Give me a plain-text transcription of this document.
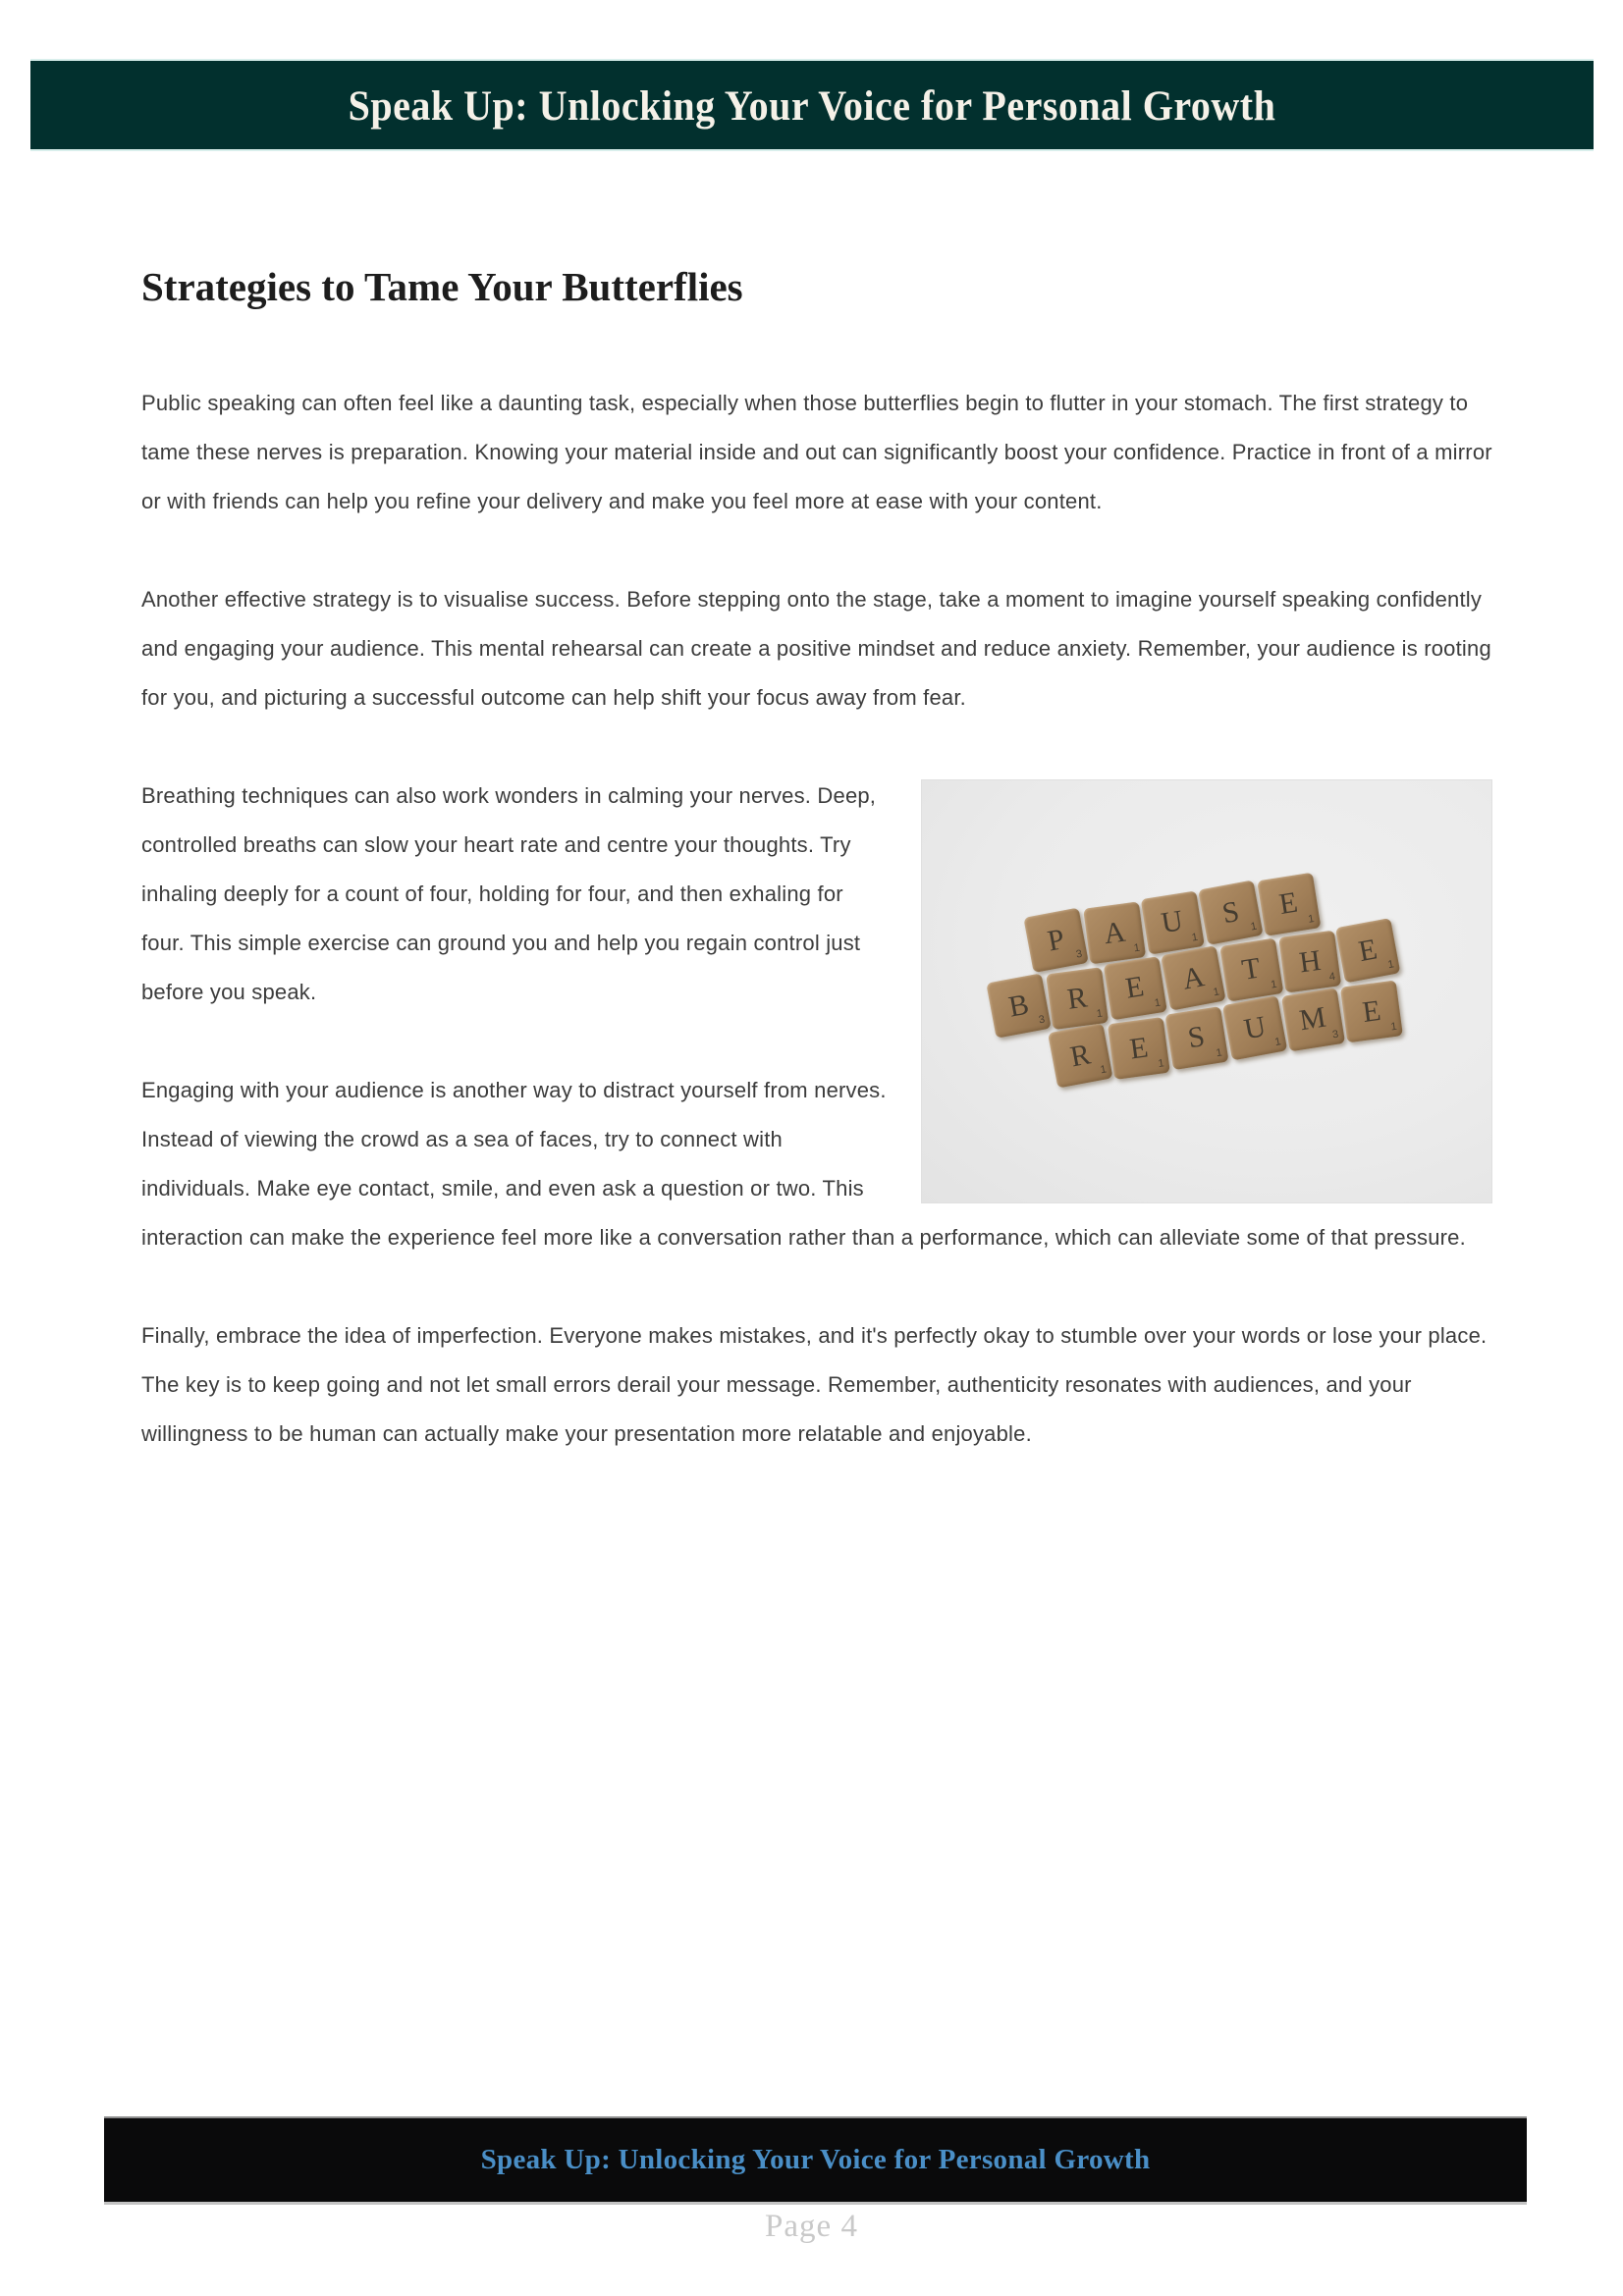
Speak Up: Unlocking Your Voice for Personal Growth
Strategies to Tame Your Butterflies

Public speaking can often feel like a daunting task, especially when those butterflies begin to flutter in your stomach. The first strategy to tame these nerves is preparation. Knowing your material inside and out can significantly boost your confidence. Practice in front of a mirror or with friends can help you refine your delivery and make you feel more at ease with your content.

Another effective strategy is to visualise success. Before stepping onto the stage, take a moment to imagine yourself speaking confidently and engaging your audience. This mental rehearsal can create a positive mindset and reduce anxiety. Remember, your audience is rooting for you, and picturing a successful outcome can help shift your focus away from fear.

P 3
A 1
U 1
S 1
E 1
B 3
R 1
E 1
A 1
T 1
H 4
E 1
R 1
E 1
S 1
U 1
M 3
E 1

Breathing techniques can also work wonders in calming your nerves. Deep, controlled breaths can slow your heart rate and centre your thoughts. Try inhaling deeply for a count of four, holding for four, and then exhaling for four. This simple exercise can ground you and help you regain control just before you speak.

Engaging with your audience is another way to distract yourself from nerves. Instead of viewing the crowd as a sea of faces, try to connect with individuals. Make eye contact, smile, and even ask a question or two. This interaction can make the experience feel more like a conversation rather than a performance, which can alleviate some of that pressure.

Finally, embrace the idea of imperfection. Everyone makes mistakes, and it's perfectly okay to stumble over your words or lose your place. The key is to keep going and not let small errors derail your message. Remember, authenticity resonates with audiences, and your willingness to be human can actually make your presentation more relatable and enjoyable.

Speak Up: Unlocking Your Voice for Personal Growth
Page 4
